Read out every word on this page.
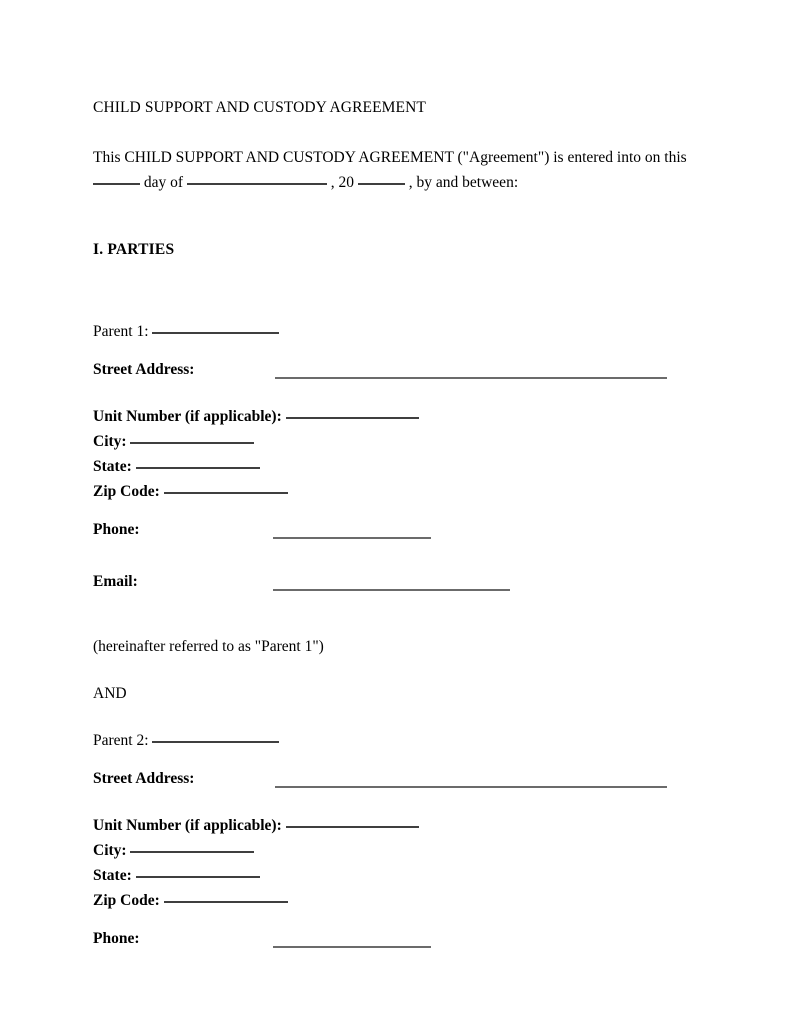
CHILD SUPPORT AND CUSTODY AGREEMENT
This CHILD SUPPORT AND CUSTODY AGREEMENT ("Agreement") is entered into on this
day of	, 20	, by and between:
I. PARTIES
Parent 1:
Street Address:
Unit Number (if applicable):
City:
State:
Zip Code:
Phone:
Email:
(hereinafter referred to as "Parent 1")
AND
Parent 2:
Street Address:
Unit Number (if applicable):
City:
State:
Zip Code:
Phone:
